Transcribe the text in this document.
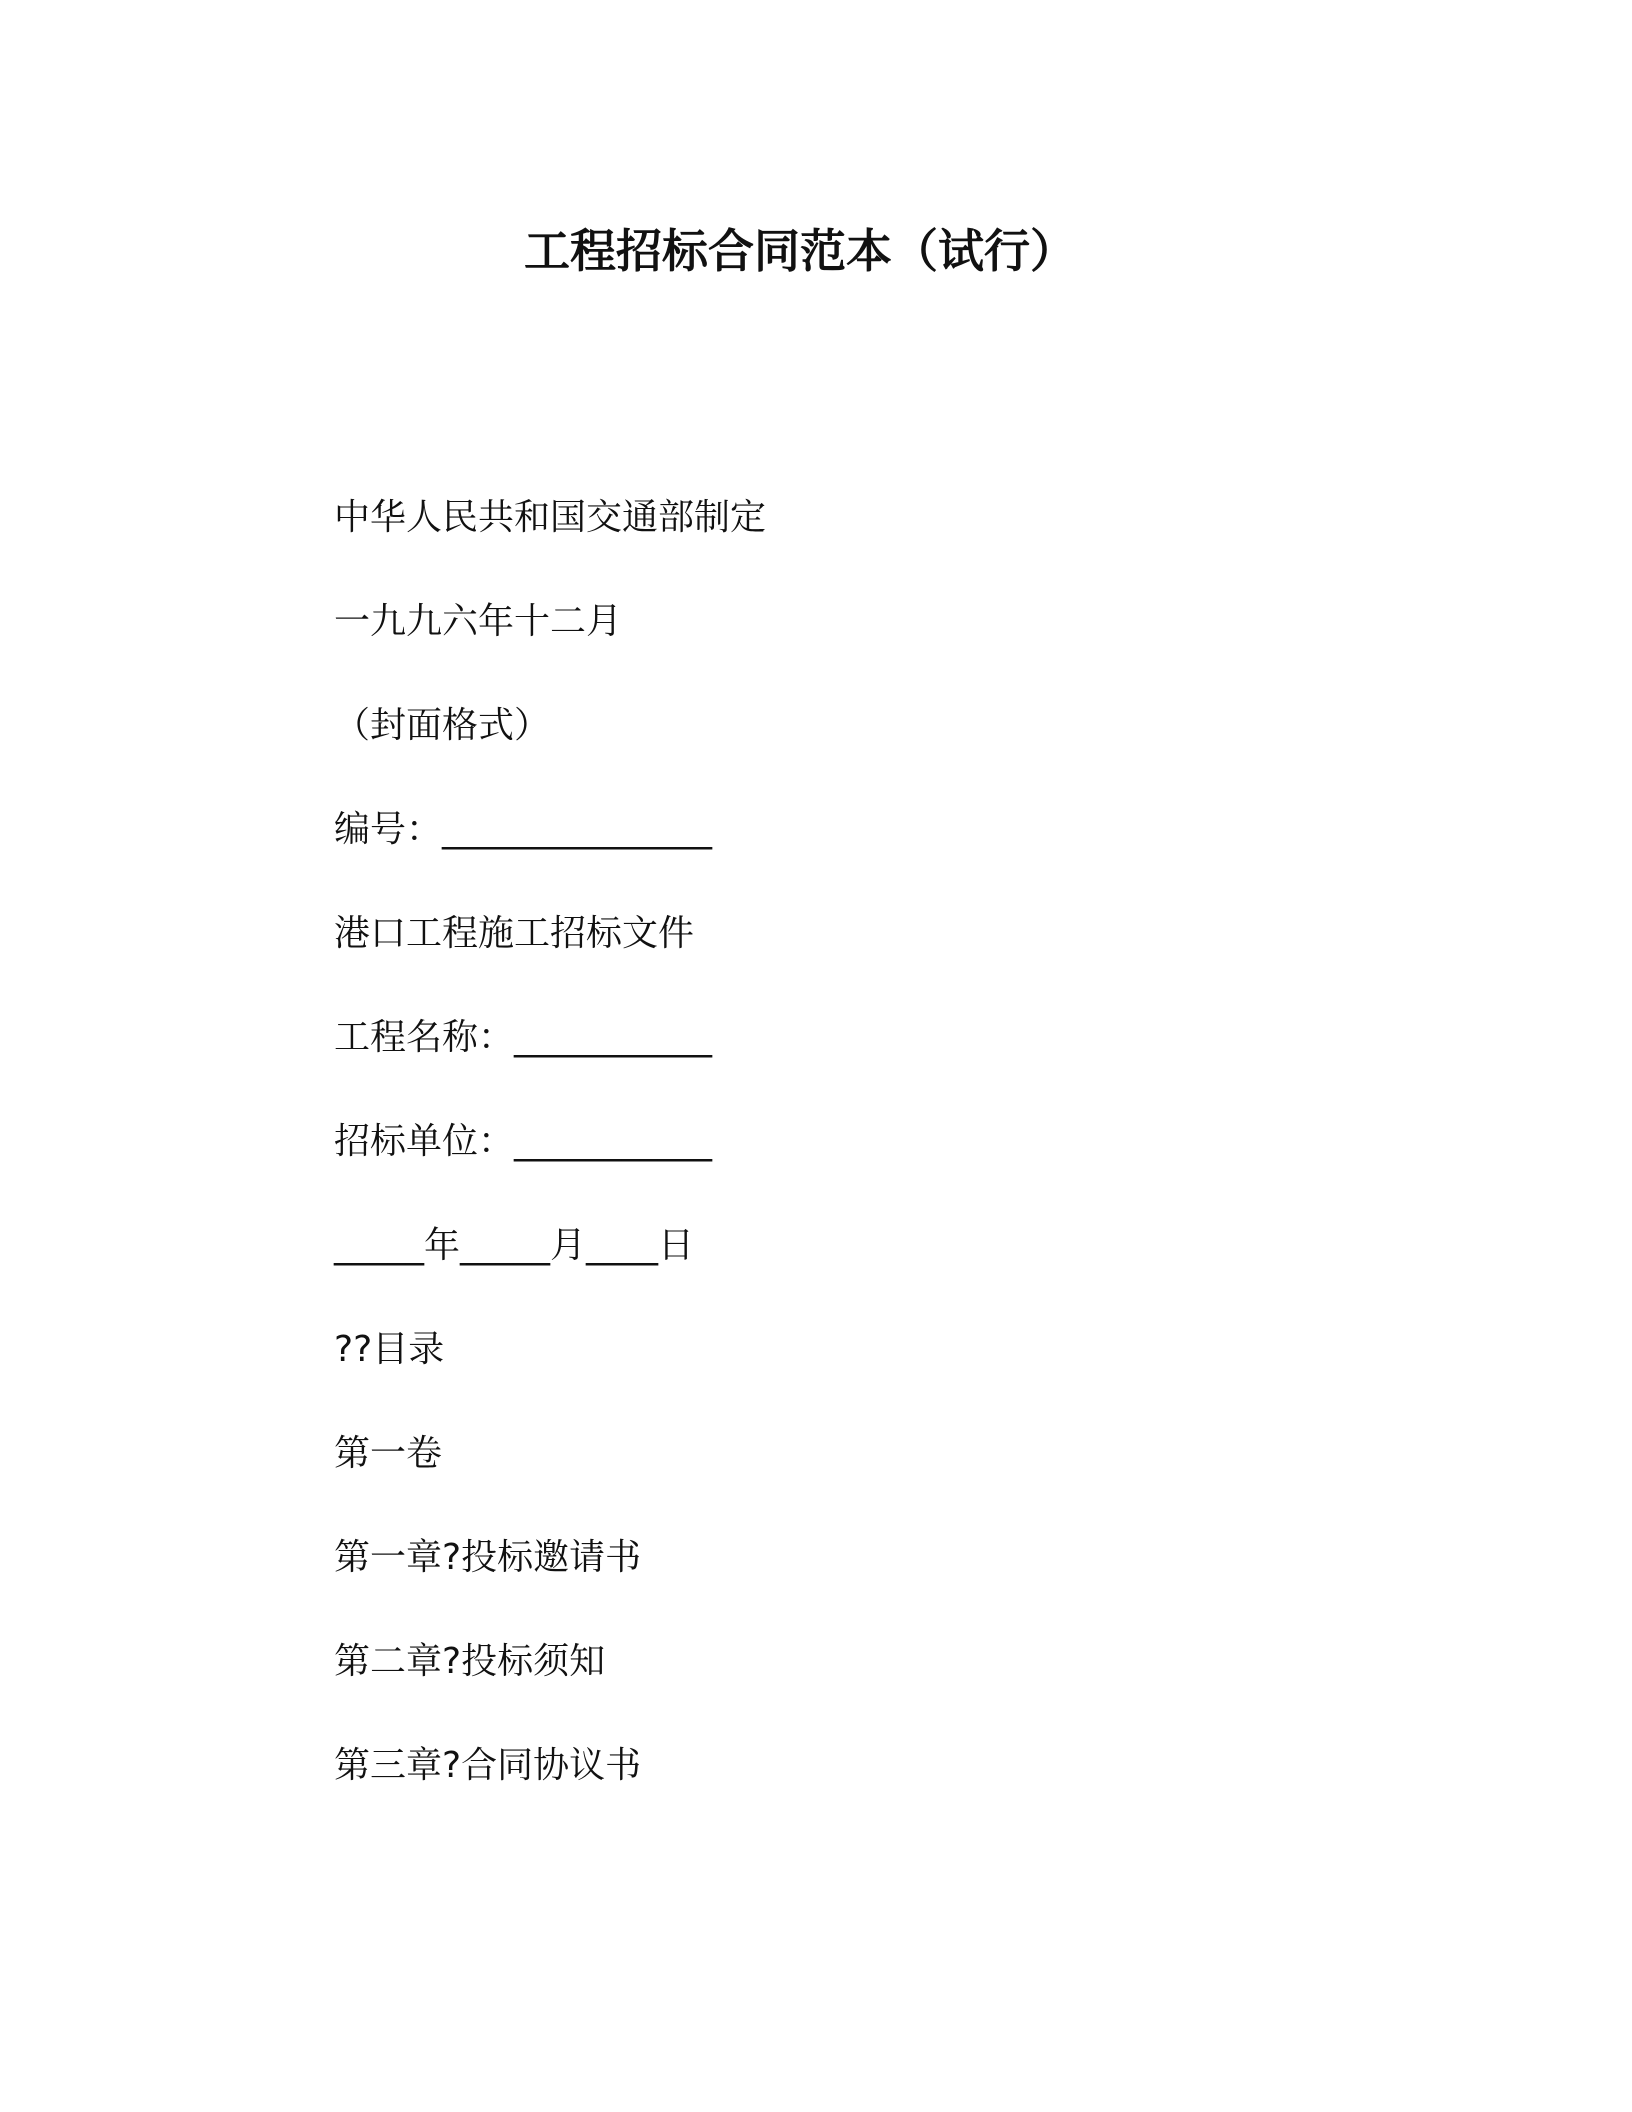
工程招标合同范本（试行）
中华人民共和国交通部制定
一九九六年十二月
（封面格式）
编号：_______________
港口工程施工招标文件
工程名称：___________
招标单位：___________
_____年_____月____日
??目录
第一卷
第一章?投标邀请书
第二章?投标须知
第三章?合同协议书
